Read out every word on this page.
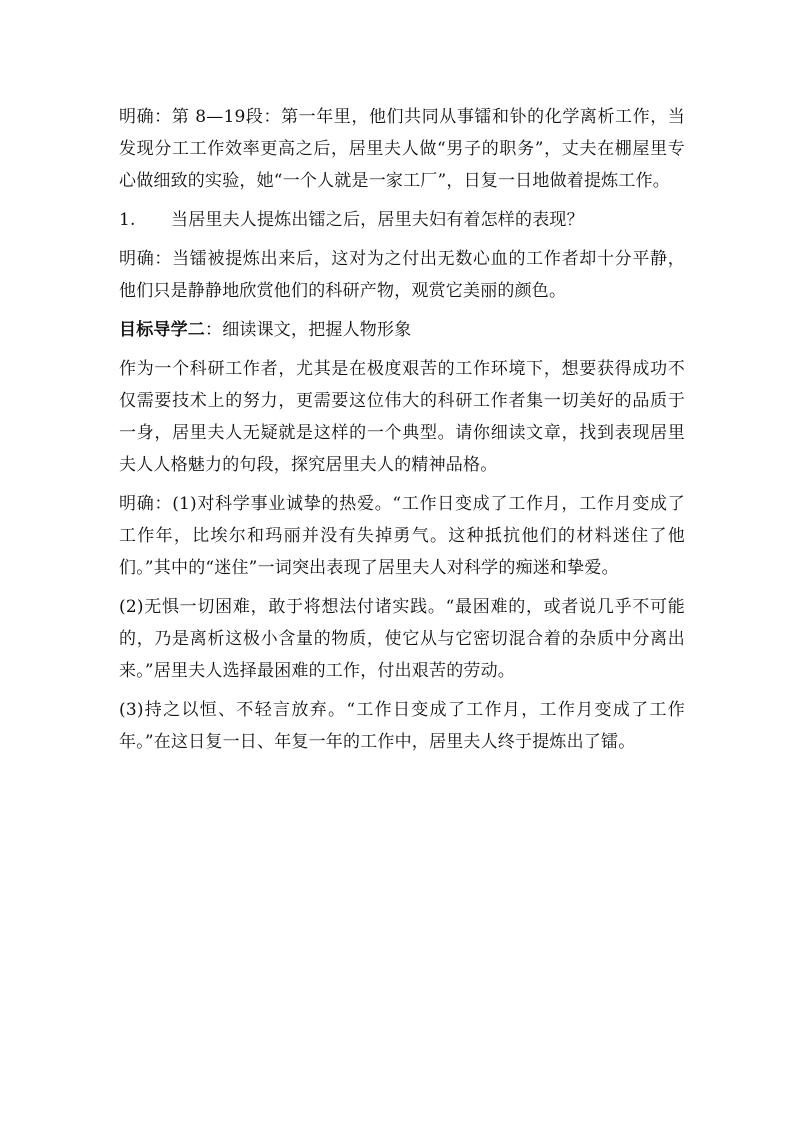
明确：第 8—19段：第一年里，他们共同从事镭和钋的化学离析工作，当发现分工工作效率更高之后，居里夫人做“男子的职务”，丈夫在棚屋里专心做细致的实验，她“一个人就是一家工厂”，日复一日地做着提炼工作。

1. 当居里夫人提炼出镭之后，居里夫妇有着怎样的表现？

明确：当镭被提炼出来后，这对为之付出无数心血的工作者却十分平静，他们只是静静地欣赏他们的科研产物，观赏它美丽的颜色。

目标导学二：细读课文，把握人物形象

作为一个科研工作者，尤其是在极度艰苦的工作环境下，想要获得成功不仅需要技术上的努力，更需要这位伟大的科研工作者集一切美好的品质于一身，居里夫人无疑就是这样的一个典型。请你细读文章，找到表现居里夫人人格魅力的句段，探究居里夫人的精神品格。

明确：(1)对科学事业诚挚的热爱。“工作日变成了工作月，工作月变成了工作年，比埃尔和玛丽并没有失掉勇气。这种抵抗他们的材料迷住了他们。”其中的“迷住”一词突出表现了居里夫人对科学的痴迷和挚爱。

(2)无惧一切困难，敢于将想法付诸实践。“最困难的，或者说几乎不可能的，乃是离析这极小含量的物质，使它从与它密切混合着的杂质中分离出来。”居里夫人选择最困难的工作，付出艰苦的劳动。

(3)持之以恒、不轻言放弃。“工作日变成了工作月，工作月变成了工作年。”在这日复一日、年复一年的工作中，居里夫人终于提炼出了镭。
